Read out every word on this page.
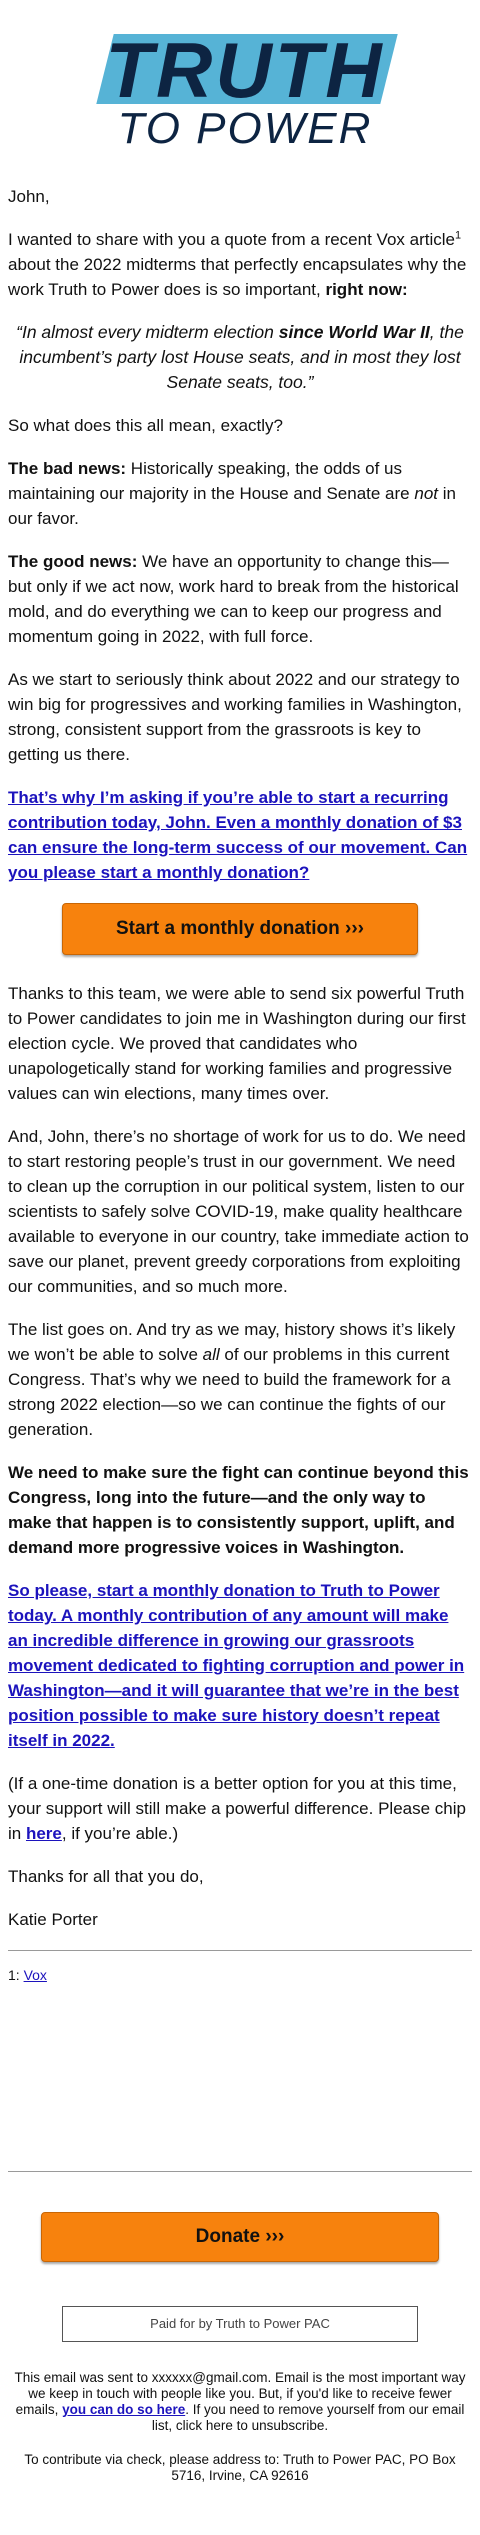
TRUTH
TO POWER

John,

I wanted to share with you a quote from a recent Vox article$^1$ about the 2022 midterms that perfectly encapsulates why the work Truth to Power does is so important, right now:

“In almost every midterm election since World War II, the incumbent’s party lost House seats, and in most they lost Senate seats, too.”

So what does this all mean, exactly?

The bad news: Historically speaking, the odds of us maintaining our majority in the House and Senate are not in our favor.

The good news: We have an opportunity to change this—but only if we act now, work hard to break from the historical mold, and do everything we can to keep our progress and momentum going in 2022, with full force.

As we start to seriously think about 2022 and our strategy to win big for progressives and working families in Washington, strong, consistent support from the grassroots is key to getting us there.

That’s why I’m asking if you’re able to start a recurring contribution today, John. Even a monthly donation of $3 can ensure the long-term success of our movement. Can you please start a monthly donation?

Start a monthly donation ›››

Thanks to this team, we were able to send six powerful Truth to Power candidates to join me in Washington during our first election cycle. We proved that candidates who unapologetically stand for working families and progressive values can win elections, many times over.

And, John, there’s no shortage of work for us to do. We need to start restoring people’s trust in our government. We need to clean up the corruption in our political system, listen to our scientists to safely solve COVID-19, make quality healthcare available to everyone in our country, take immediate action to save our planet, prevent greedy corporations from exploiting our communities, and so much more.

The list goes on. And try as we may, history shows it’s likely we won’t be able to solve all of our problems in this current Congress. That’s why we need to build the framework for a strong 2022 election—so we can continue the fights of our generation.

We need to make sure the fight can continue beyond this Congress, long into the future—and the only way to make that happen is to consistently support, uplift, and demand more progressive voices in Washington.

So please, start a monthly donation to Truth to Power today. A monthly contribution of any amount will make an incredible difference in growing our grassroots movement dedicated to fighting corruption and power in Washington—and it will guarantee that we’re in the best position possible to make sure history doesn’t repeat itself in 2022.

(If a one-time donation is a better option for you at this time, your support will still make a powerful difference. Please chip in here, if you’re able.)

Thanks for all that you do,

Katie Porter

1: Vox
Donate ›››
Paid for by Truth to Power PAC

This email was sent to xxxxxx@gmail.com. Email is the most important way we keep in touch with people like you. But, if you'd like to receive fewer emails, you can do so here. If you need to remove yourself from our email list, click here to unsubscribe.

To contribute via check, please address to: Truth to Power PAC, PO Box 5716, Irvine, CA 92616
